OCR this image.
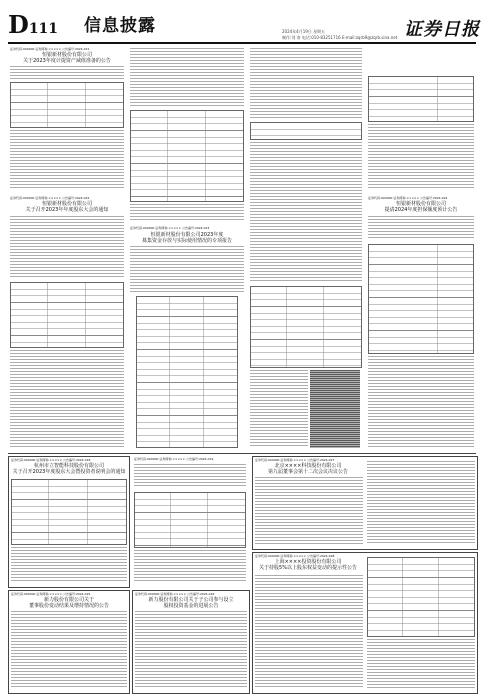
D111 信息披露	2024年4月19日 星期五
制作:刘 寄 电话:010-83251716 E-mail:zqrb9@zqrb.sina.net 证券日报
证券代码:000000 证券简称:××××× 公告编号:2024-021
恒银新材股份有限公司
关于2023年度计提资产减值准备的公告
证券代码:000000 证券简称:××××× 公告编号:2024-022
恒银新材股份有限公司
关于召开2023年年度股东大会的通知
证券代码:000000 证券简称:××××× 公告编号:2024-023
恒银新材股份有限公司2023年度
募集资金存放与实际使用情况的专项报告
证券代码:000000 证券简称:××××× 公告编号:2024-024
恒银新材股份有限公司
提请2024年度担保额度预计公告
证券代码:000000 证券简称:××××× 公告编号:2024-018
杭州市立智能科技股份有限公司
关于召开2023年度股东大会暨投资者说明会的通知
证券代码:000000 证券简称:××××× 公告编号:2024-019
证券代码:000000 证券简称:××××× 公告编号:2024-025
新力股份有限公司关于
董事股份变动结果及增持情况的公告
证券代码:000000 证券简称:××××× 公告编号:2024-026
新力股份有限公司关于子公司参与设立
股权投资基金的进展公告
证券代码:000000 证券简称:××××× 公告编号:2024-027
北京××××科技股份有限公司
第九届董事会第十二次会议决议公告
证券代码:000000 证券简称:××××× 公告编号:2024-028
上海××××投资股份有限公司
关于持股5%以上股东权益变动的提示性公告
